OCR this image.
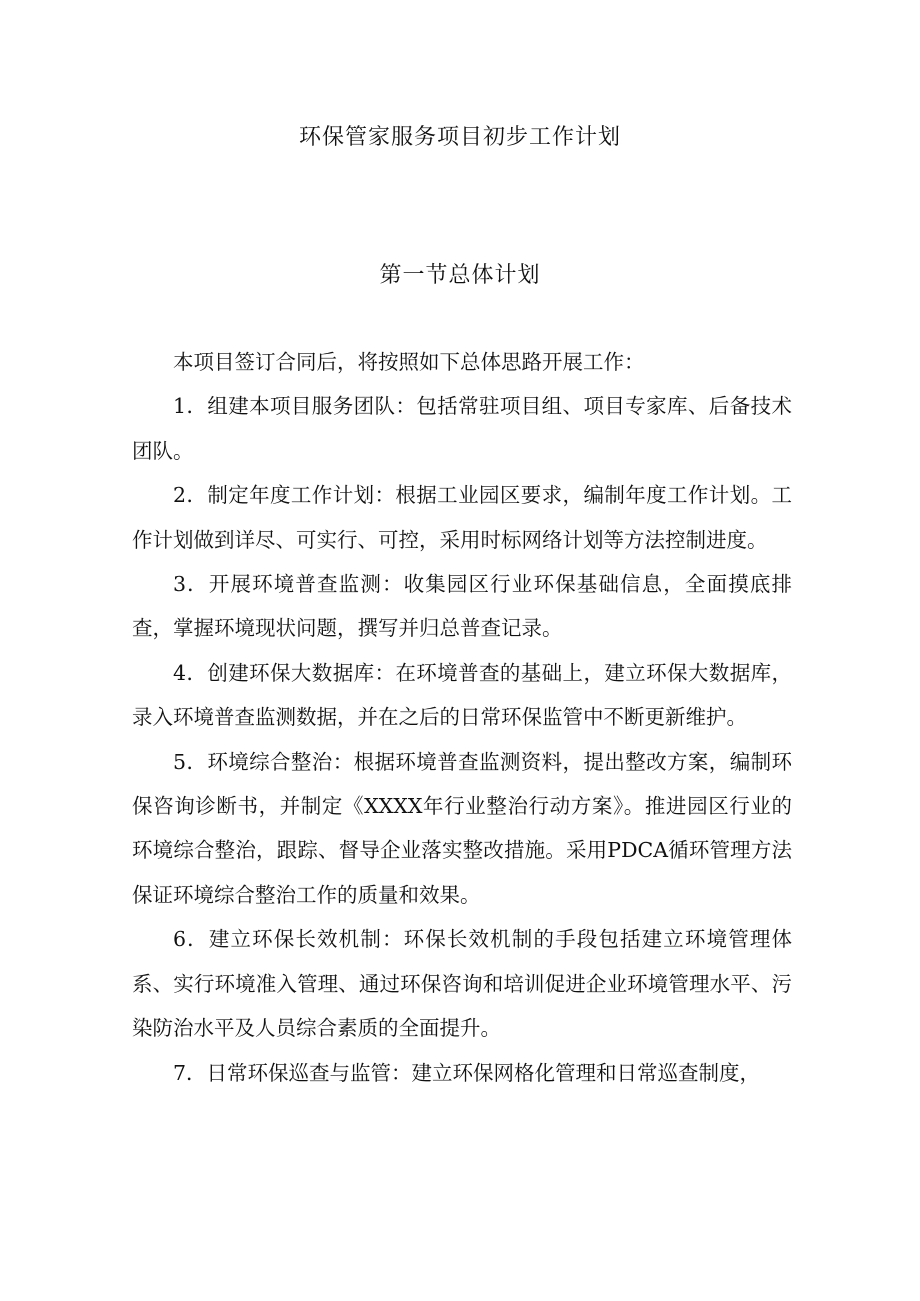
环保管家服务项目初步工作计划
第一节总体计划

本项目签订合同后，将按照如下总体思路开展工作：

1．组建本项目服务团队：包括常驻项目组、项目专家库、后备技术团队。

2．制定年度工作计划：根据工业园区要求，编制年度工作计划。工作计划做到详尽、可实行、可控，采用时标网络计划等方法控制进度。

3．开展环境普查监测：收集园区行业环保基础信息，全面摸底排查，掌握环境现状问题，撰写并归总普查记录。

4．创建环保大数据库：在环境普查的基础上，建立环保大数据库，录入环境普查监测数据，并在之后的日常环保监管中不断更新维护。

5．环境综合整治：根据环境普查监测资料，提出整改方案，编制环保咨询诊断书，并制定《XXXX年行业整治行动方案》。推进园区行业的环境综合整治，跟踪、督导企业落实整改措施。采用PDCA循环管理方法保证环境综合整治工作的质量和效果。

6．建立环保长效机制：环保长效机制的手段包括建立环境管理体系、实行环境准入管理、通过环保咨询和培训促进企业环境管理水平、污染防治水平及人员综合素质的全面提升。

7．日常环保巡查与监管：建立环保网格化管理和日常巡查制度，
